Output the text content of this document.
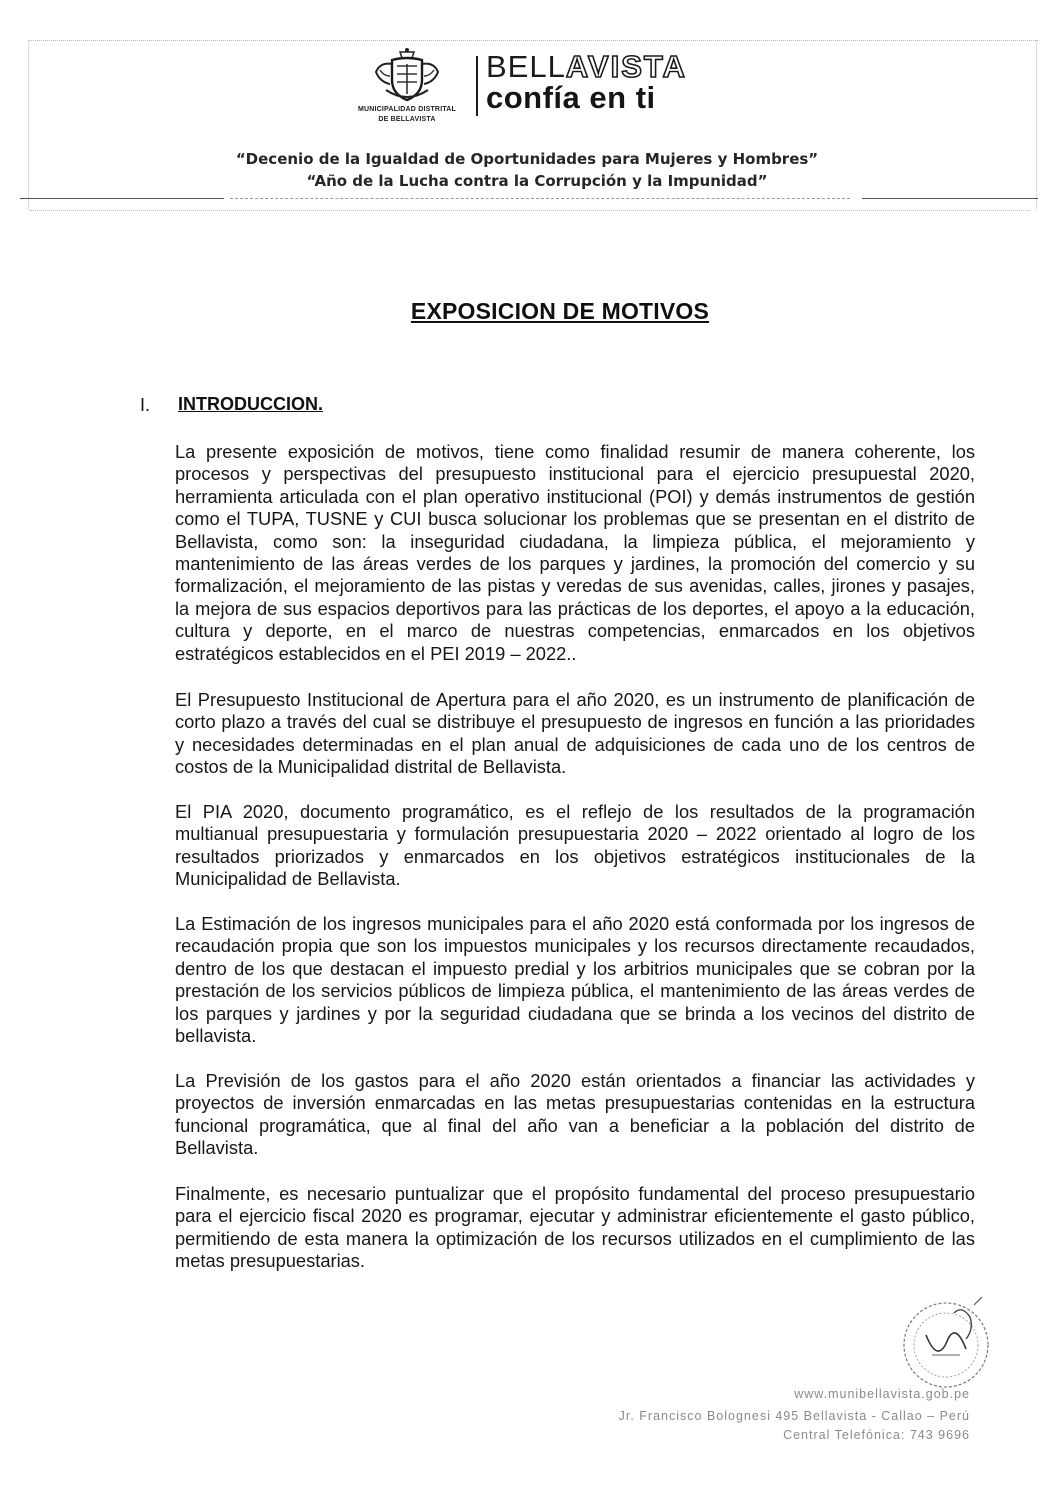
MUNICIPALIDAD DISTRITAL
DE BELLAVISTA
BELLAVISTA
confía en ti
“Decenio de la Igualdad de Oportunidades para Mujeres y Hombres”
“Año de la Lucha contra la Corrupción y la Impunidad”
EXPOSICION DE MOTIVOS
I. INTRODUCCION.

La presente exposición de motivos, tiene como finalidad resumir de manera coherente, los procesos y perspectivas del presupuesto institucional para el ejercicio presupuestal 2020, herramienta articulada con el plan operativo institucional (POI) y demás instrumentos de gestión como el TUPA, TUSNE y CUI busca solucionar los problemas que se presentan en el distrito de Bellavista, como son: la inseguridad ciudadana, la limpieza pública, el mejoramiento y mantenimiento de las áreas verdes de los parques y jardines, la promoción del comercio y su formalización, el mejoramiento de las pistas y veredas de sus avenidas, calles, jirones y pasajes, la mejora de sus espacios deportivos para las prácticas de los deportes, el apoyo a la educación, cultura y deporte, en el marco de nuestras competencias, enmarcados en los objetivos estratégicos establecidos en el PEI 2019 – 2022..

El Presupuesto Institucional de Apertura para el año 2020, es un instrumento de planificación de corto plazo a través del cual se distribuye el presupuesto de ingresos en función a las prioridades y necesidades determinadas en el plan anual de adquisiciones de cada uno de los centros de costos de la Municipalidad distrital de Bellavista.

El PIA 2020, documento programático, es el reflejo de los resultados de la programación multianual presupuestaria y formulación presupuestaria 2020 – 2022 orientado al logro de los resultados priorizados y enmarcados en los objetivos estratégicos institucionales de la Municipalidad de Bellavista.

La Estimación de los ingresos municipales para el año 2020 está conformada por los ingresos de recaudación propia que son los impuestos municipales y los recursos directamente recaudados, dentro de los que destacan el impuesto predial y los arbitrios municipales que se cobran por la prestación de los servicios públicos de limpieza pública, el mantenimiento de las áreas verdes de los parques y jardines y por la seguridad ciudadana que se brinda a los vecinos del distrito de bellavista.

La Previsión de los gastos para el año 2020 están orientados a financiar las actividades y proyectos de inversión enmarcadas en las metas presupuestarias contenidas en la estructura funcional programática, que al final del año van a beneficiar a la población del distrito de Bellavista.

Finalmente, es necesario puntualizar que el propósito fundamental del proceso presupuestario para el ejercicio fiscal 2020 es programar, ejecutar y administrar eficientemente el gasto público, permitiendo de esta manera la optimización de los recursos utilizados en el cumplimiento de las metas presupuestarias.

www.munibellavista.gob.pe
Jr. Francisco Bolognesi 495 Bellavista - Callao – Perú
Central Telefónica: 743 9696
